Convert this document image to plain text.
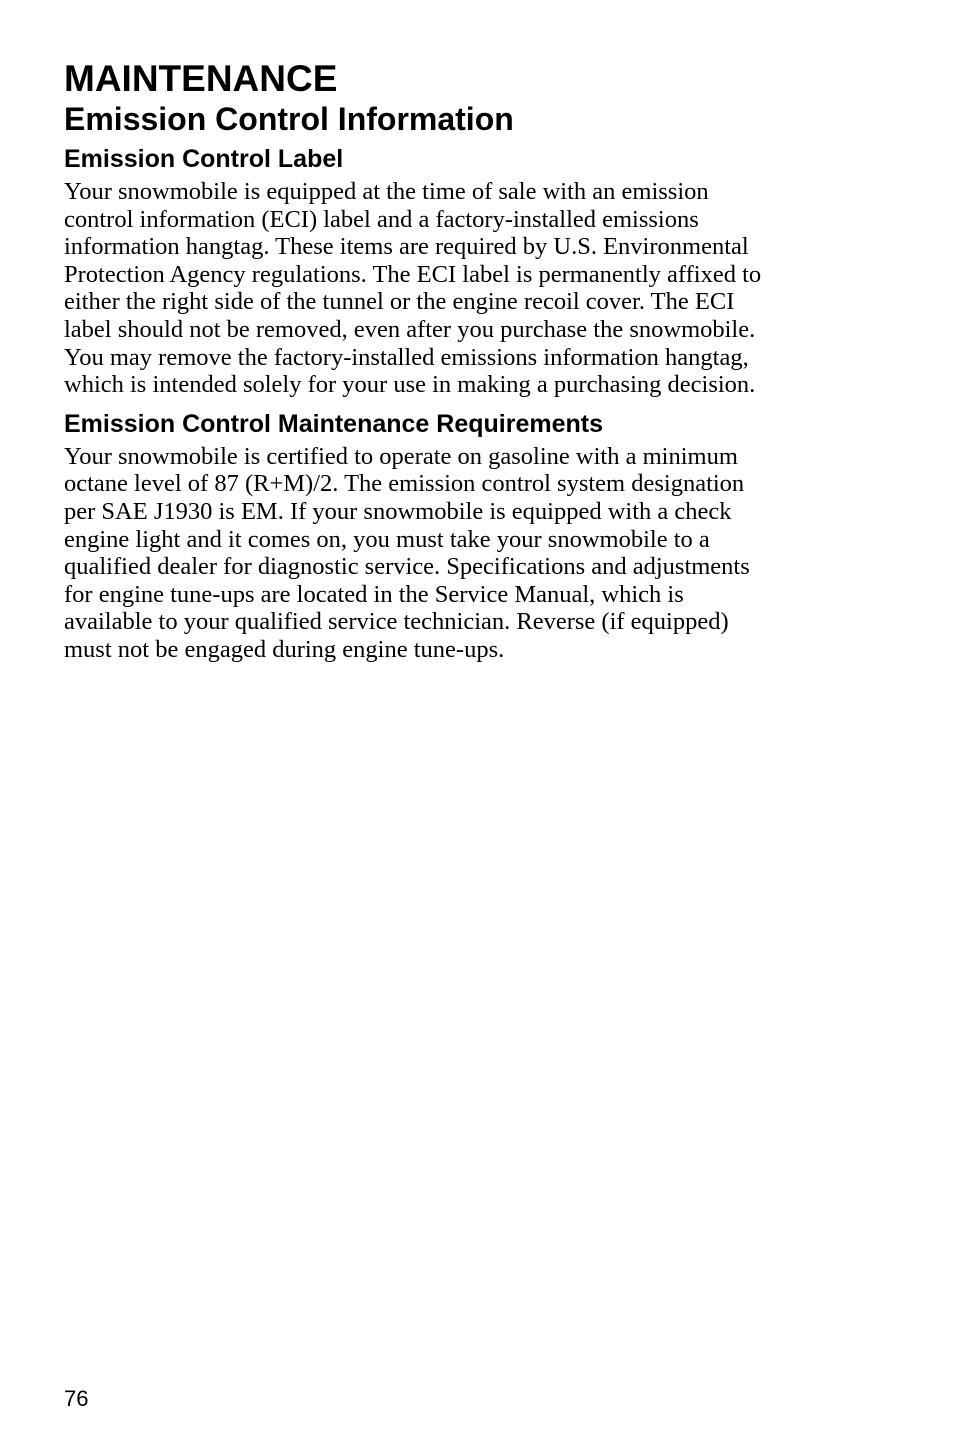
MAINTENANCE
Emission Control Information
Emission Control Label

Your snowmobile is equipped at the time of sale with an emission
control information (ECI) label and a factory-installed emissions
information hangtag. These items are required by U.S. Environmental
Protection Agency regulations. The ECI label is permanently affixed to
either the right side of the tunnel or the engine recoil cover. The ECI
label should not be removed, even after you purchase the snowmobile.
You may remove the factory-installed emissions information hangtag,
which is intended solely for your use in making a purchasing decision.

Emission Control Maintenance Requirements

Your snowmobile is certified to operate on gasoline with a minimum
octane level of 87 (R+M)/2. The emission control system designation
per SAE J1930 is EM. If your snowmobile is equipped with a check
engine light and it comes on, you must take your snowmobile to a
qualified dealer for diagnostic service. Specifications and adjustments
for engine tune-ups are located in the Service Manual, which is
available to your qualified service technician. Reverse (if equipped)
must not be engaged during engine tune-ups.

76
